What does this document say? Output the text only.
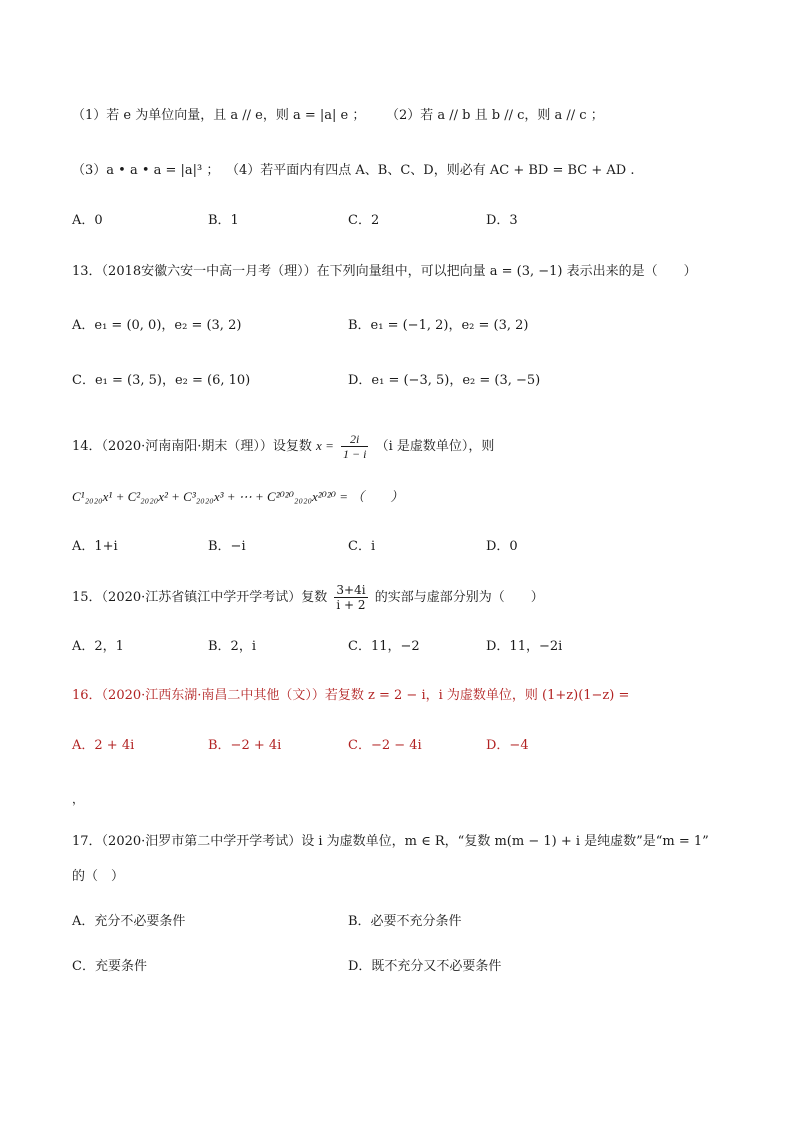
（1）若 e 为单位向量，且 a // e，则 a = |a| e ； （2）若 a // b 且 b // c，则 a // c ；
（3）a • a • a = |a|³ ； （4）若平面内有四点 A、B、C、D，则必有 AC + BD = BC + AD .
A．0	B．1	C．2	D．3
13．（2018安徽六安一中高一月考（理））在下列向量组中，可以把向量 a = (3, −1) 表示出来的是（　　）
A．e₁ = (0, 0)，e₂ = (3, 2)	B．e₁ = (−1, 2)，e₂ = (3, 2)
C．e₁ = (3, 5)，e₂ = (6, 10)	D．e₁ = (−3, 5)，e₂ = (3, −5)
14．（2020·河南南阳·期末（理））设复数 $x = \frac{2i}{1 - i} (i$ 是虚数单位），则
C¹₂₀₂₀x¹ + C²₂₀₂₀x² + C³₂₀₂₀x³ + ⋯ + C²⁰²⁰₂₀₂₀x²⁰²⁰ = （　　）
A．1+i	B．−i	C．i	D．0
15．（2020·江苏省镇江中学开学考试）复数 $\frac{3+4i}{i + 2}$ 的实部与虚部分别为（　　）
A．2，1	B．2，i	C．11，−2	D．11，−2i
16．（2020·江西东湖·南昌二中其他（文））若复数 z = 2 − i，i 为虚数单位，则 (1+z)(1−z) =
A．2 + 4i	B．−2 + 4i	C．−2 − 4i	D．−4
，
17．（2020·汨罗市第二中学开学考试）设 i 为虚数单位，m ∈ R，“复数 m(m − 1) + i 是纯虚数”是“m = 1”
的（　）
A．充分不必要条件	B．必要不充分条件
C．充要条件	D．既不充分又不必要条件
